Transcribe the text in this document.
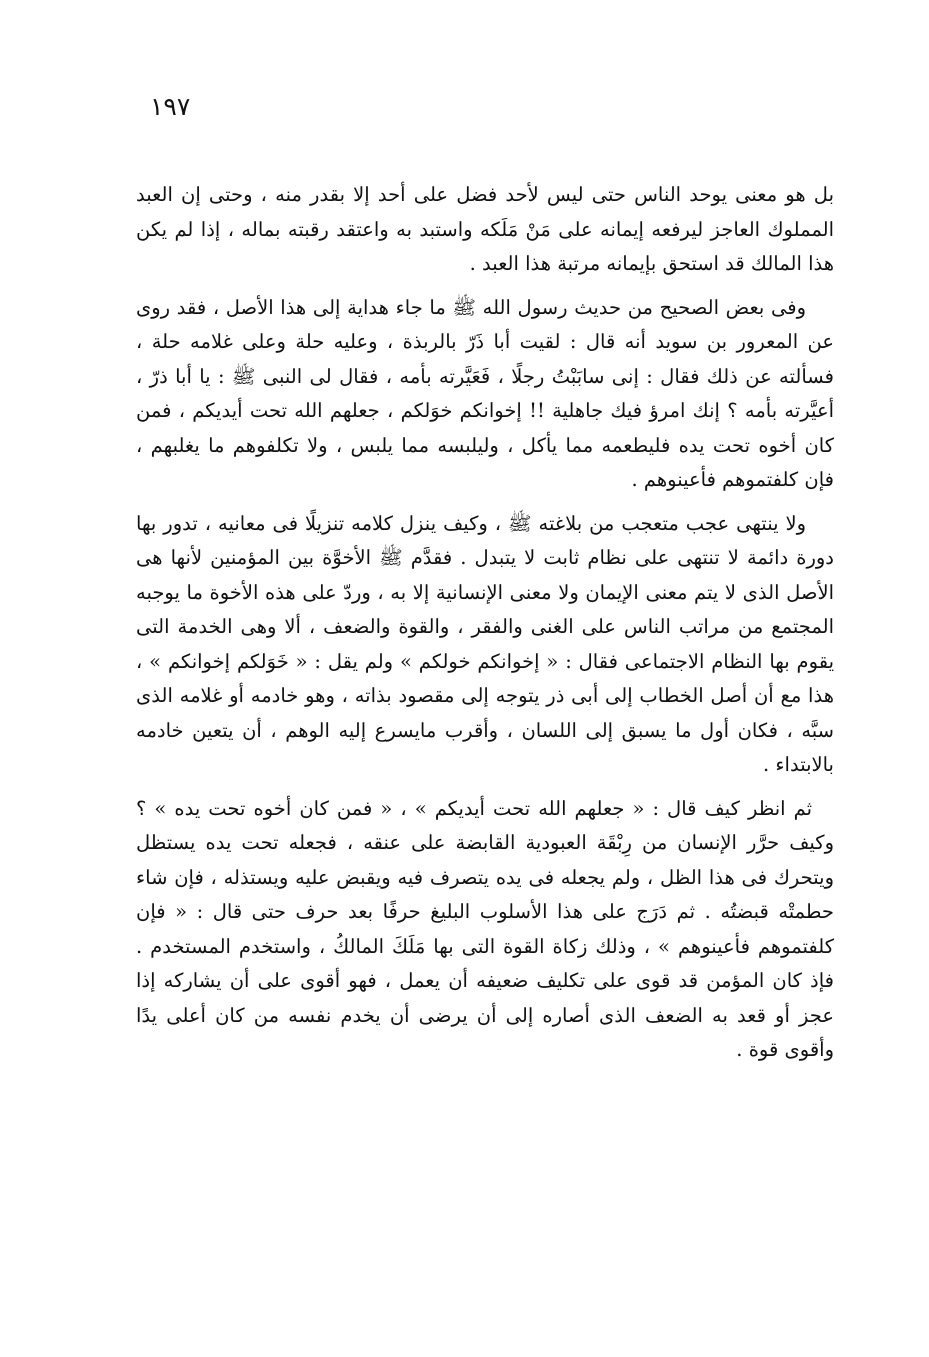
١٩٧

بل هو معنى يوحد الناس حتى ليس لأحد فضل على أحد إلا بقدر منه ، وحتى إن العبد المملوك العاجز ليرفعه إيمانه على مَنْ مَلَكه واستبد به واعتقد رقبته بماله ، إذا لم يكن هذا المالك قد استحق بإيمانه مرتبة هذا العبد .

وفى بعض الصحيح من حديث رسول الله ﷺ ما جاء هداية إلى هذا الأصل ، فقد روى عن المعرور بن سويد أنه قال : لقيت أبا ذَرّ بالربذة ، وعليه حلة وعلى غلامه حلة ، فسألته عن ذلك فقال : إنى سابَبْتُ رجلًا ، فَعَيَّرته بأمه ، فقال لى النبى ﷺ : يا أبا ذرّ ، أعيَّرته بأمه ؟ إنك امرؤ فيك جاهلية !! إخوانكم خوَلكم ، جعلهم الله تحت أيديكم ، فمن كان أخوه تحت يده فليطعمه مما يأكل ، وليلبسه مما يلبس ، ولا تكلفوهم ما يغلبهم ، فإن كلفتموهم فأعينوهم .

ولا ينتهى عجب متعجب من بلاغته ﷺ ، وكيف ينزل كلامه تنزيلًا فى معانيه ، تدور بها دورة دائمة لا تنتهى على نظام ثابت لا يتبدل . فقدَّم ﷺ الأخوَّة بين المؤمنين لأنها هى الأصل الذى لا يتم معنى الإيمان ولا معنى الإنسانية إلا به ، وردّ على هذه الأخوة ما يوجبه المجتمع من مراتب الناس على الغنى والفقر ، والقوة والضعف ، ألا وهى الخدمة التى يقوم بها النظام الاجتماعى فقال : « إخوانكم خولكم » ولم يقل : « خَوَلكم إخوانكم » ، هذا مع أن أصل الخطاب إلى أبى ذر يتوجه إلى مقصود بذاته ، وهو خادمه أو غلامه الذى سبَّه ، فكان أول ما يسبق إلى اللسان ، وأقرب مايسرع إليه الوهم ، أن يتعين خادمه بالابتداء .

ثم انظر كيف قال : « جعلهم الله تحت أيديكم » ، « فمن كان أخوه تحت يده » ؟ وكيف حرَّر الإنسان من رِبْقَة العبودية القابضة على عنقه ، فجعله تحت يده يستظل ويتحرك فى هذا الظل ، ولم يجعله فى يده يتصرف فيه ويقبض عليه ويستذله ، فإن شاء حطمتْه قبضتُه . ثم دَرَج على هذا الأسلوب البليغ حرفًا بعد حرف حتى قال : « فإن كلفتموهم فأعينوهم » ، وذلك زكاة القوة التى بها مَلَكَ المالكُ ، واستخدم المستخدم . فإذ كان المؤمن قد قوى على تكليف ضعيفه أن يعمل ، فهو أقوى على أن يشاركه إذا عجز أو قعد به الضعف الذى أصاره إلى أن يرضى أن يخدم نفسه من كان أعلى يدًا وأقوى قوة .
